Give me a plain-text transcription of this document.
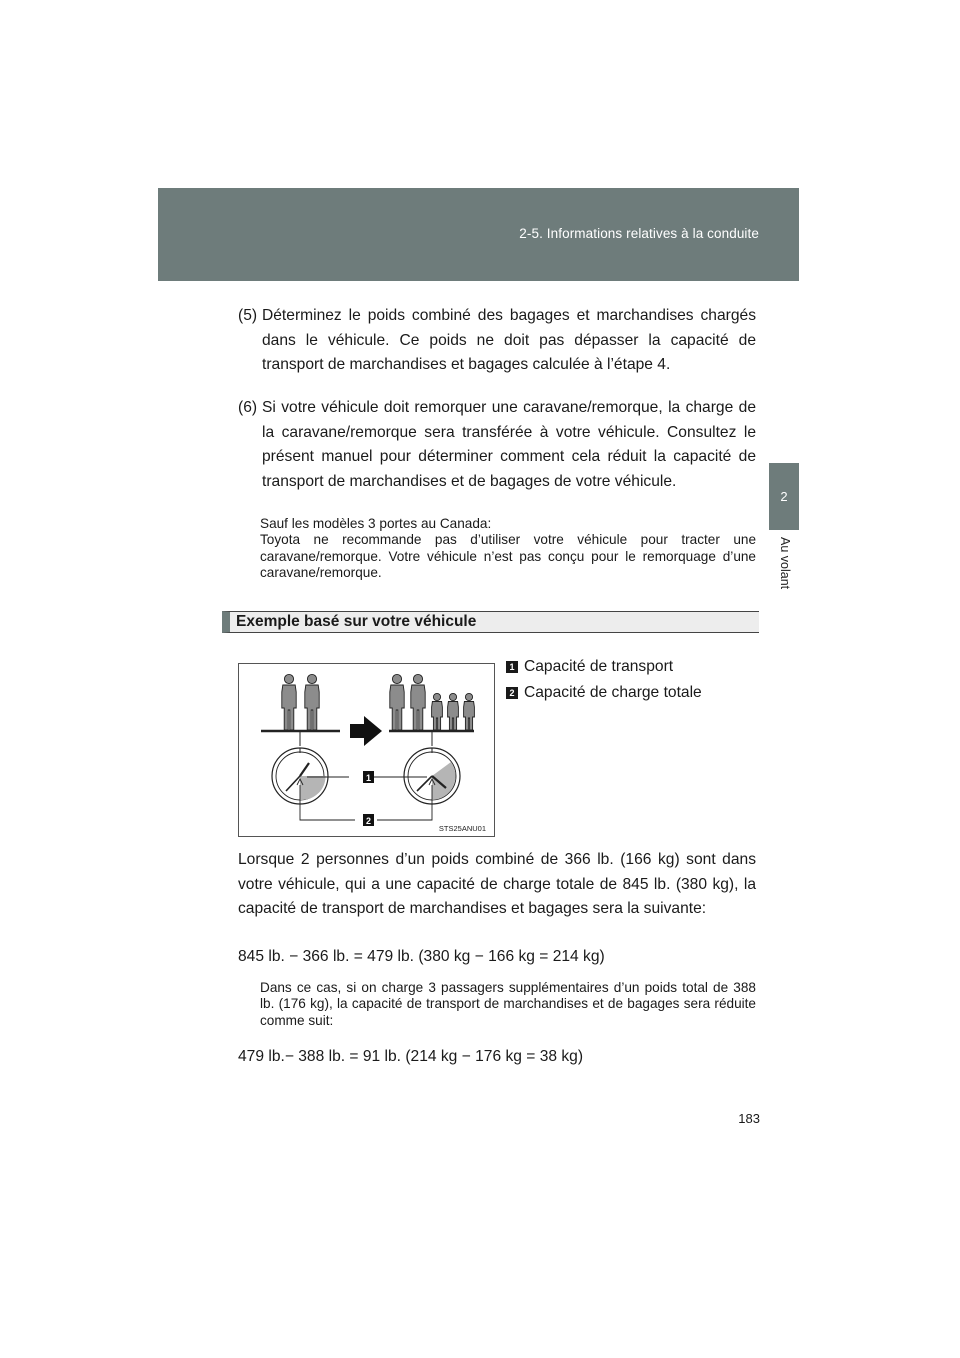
2-5. Informations relatives à la conduite
2
Au volant
(5) Déterminez le poids combiné des bagages et marchandises chargés dans le véhicule. Ce poids ne doit pas dépasser la capacité de transport de marchandises et bagages calculée à l’étape 4.
(6) Si votre véhicule doit remorquer une caravane/remorque, la charge de la caravane/remorque sera transférée à votre véhicule. Consultez le présent manuel pour déterminer comment cela réduit la capacité de transport de marchandises et de bagages de votre véhicule.
Sauf les modèles 3 portes au Canada:
Toyota ne recommande pas d’utiliser votre véhicule pour tracter une caravane/remorque. Votre véhicule n’est pas conçu pour le remorquage d’une caravane/remorque.
Exemple basé sur votre véhicule
1
2
STS25ANU01
1 Capacité de transport
2 Capacité de charge totale
Lorsque 2 personnes d’un poids combiné de 366 lb. (166 kg) sont dans votre véhicule, qui a une capacité de charge totale de 845 lb. (380 kg), la capacité de transport de marchandises et bagages sera la suivante:
845 lb. − 366 lb. = 479 lb. (380 kg − 166 kg = 214 kg)
Dans ce cas, si on charge 3 passagers supplémentaires d’un poids total de 388 lb. (176 kg), la capacité de transport de marchandises et de bagages sera réduite comme suit:
479 lb.− 388 lb. = 91 lb. (214 kg − 176 kg = 38 kg)
183
